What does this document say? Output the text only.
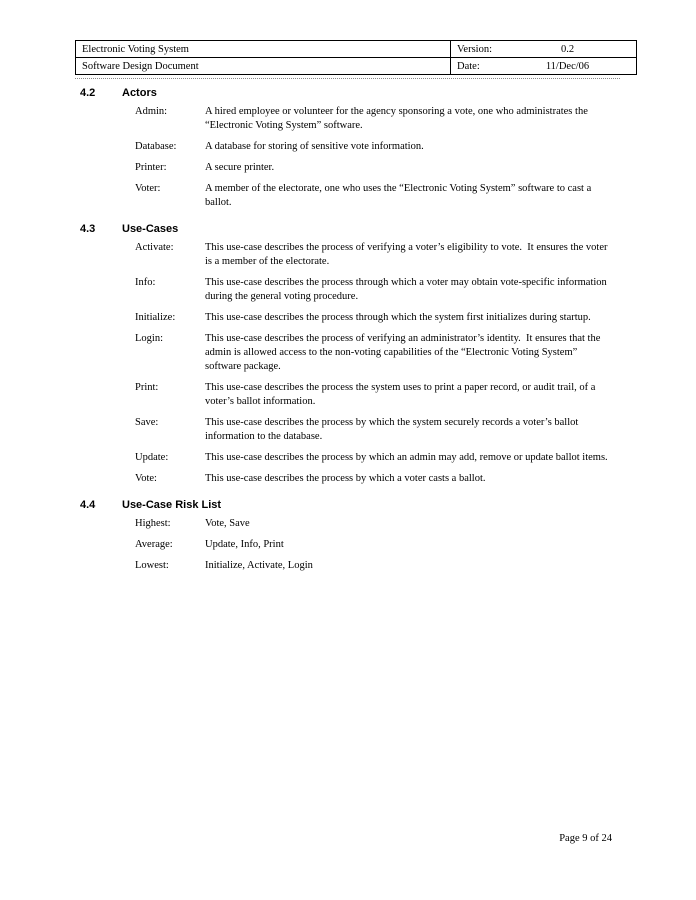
Electronic Voting System	Version: 0.2

Software Design Document	Date: 11/Dec/06
4.2	Actors
Admin:	A hired employee or volunteer for the agency sponsoring a vote, one who administrates the “Electronic Voting System” software.
Database:	A database for storing of sensitive vote information.
Printer:	A secure printer.
Voter:	A member of the electorate, one who uses the “Electronic Voting System” software to cast a ballot.
4.3	Use-Cases
Activate:	This use-case describes the process of verifying a voter’s eligibility to vote.  It ensures the voter is a member of the electorate.
Info:	This use-case describes the process through which a voter may obtain vote-specific information during the general voting procedure.
Initialize:	This use-case describes the process through which the system first initializes during startup.
Login:	This use-case describes the process of verifying an administrator’s identity.  It ensures that the admin is allowed access to the non-voting capabilities of the “Electronic Voting System” software package.
Print:	This use-case describes the process the system uses to print a paper record, or audit trail, of a voter’s ballot information.
Save:	This use-case describes the process by which the system securely records a voter’s ballot information to the database.
Update:	This use-case describes the process by which an admin may add, remove or update ballot items.
Vote:	This use-case describes the process by which a voter casts a ballot.
4.4	Use-Case Risk List
Highest:	Vote, Save
Average:	Update, Info, Print
Lowest:	Initialize, Activate, Login
Page 9 of 24
